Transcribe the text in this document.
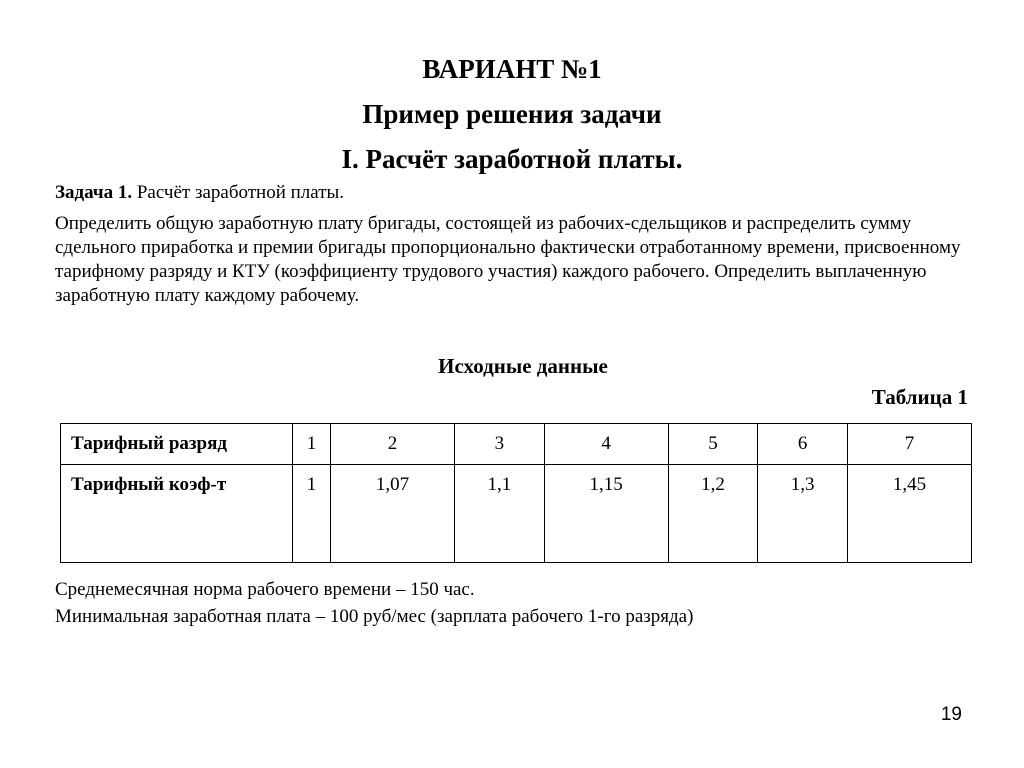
ВАРИАНТ №1
Пример решения задачи
I. Расчёт заработной платы.

Задача 1. Расчёт заработной платы.

Определить общую заработную плату бригады, состоящей из рабочих-сдельщиков и распределить сумму сдельного приработка и премии бригады пропорционально фактически отработанному времени, присвоенному тарифному разряду и КТУ (коэффициенту трудового участия) каждого рабочего. Определить выплаченную заработную плату каждому рабочему.

Исходные данные

Таблица 1

Тарифный разряд	1	2	3	4	5	6	7
Тарифный коэф-т	1	1,07	1,1	1,15	1,2	1,3	1,45

Среднемесячная норма рабочего времени – 150 час.

Минимальная заработная плата – 100 руб/мес (зарплата рабочего 1-го разряда)

19
